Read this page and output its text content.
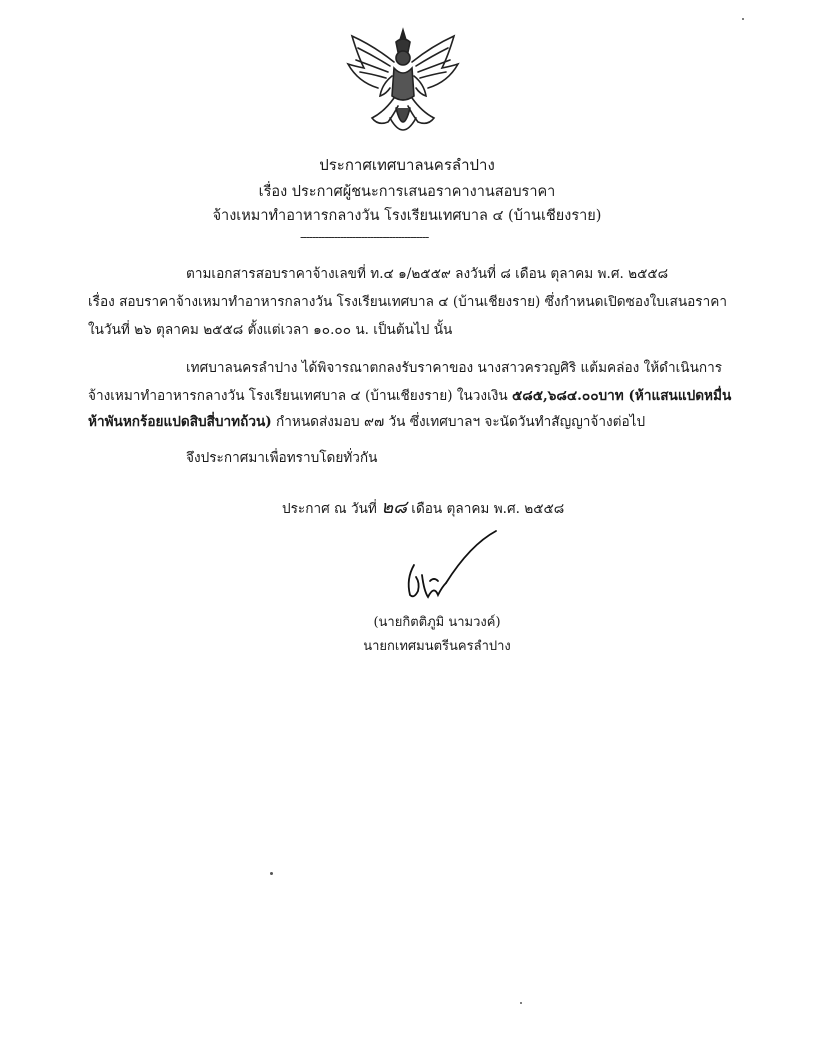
ประกาศเทศบาลนครลำปาง
เรื่อง ประกาศผู้ชนะการเสนอราคางานสอบราคา
จ้างเหมาทำอาหารกลางวัน โรงเรียนเทศบาล ๔ (บ้านเชียงราย)
------------------------------------------
ตามเอกสารสอบราคาจ้างเลขที่ ท.๔ ๑/๒๕๕๙ ลงวันที่ ๘ เดือน ตุลาคม พ.ศ. ๒๕๕๘
เรื่อง สอบราคาจ้างเหมาทำอาหารกลางวัน โรงเรียนเทศบาล ๔ (บ้านเชียงราย) ซึ่งกำหนดเปิดซองใบเสนอราคา
ในวันที่ ๒๖ ตุลาคม ๒๕๕๘ ตั้งแต่เวลา ๑๐.๐๐ น. เป็นต้นไป นั้น
เทศบาลนครลำปาง ได้พิจารณาตกลงรับราคาของ นางสาวครวญศิริ แต้มคล่อง ให้ดำเนินการ
จ้างเหมาทำอาหารกลางวัน โรงเรียนเทศบาล ๔ (บ้านเชียงราย) ในวงเงิน ๕๘๕,๖๘๔.๐๐บาท (ห้าแสนแปดหมื่น
ห้าพันหกร้อยแปดสิบสี่บาทถ้วน) กำหนดส่งมอบ ๙๗ วัน ซึ่งเทศบาลฯ จะนัดวันทำสัญญาจ้างต่อไป
จึงประกาศมาเพื่อทราบโดยทั่วกัน
ประกาศ ณ วันที่ ๒๘ เดือน ตุลาคม พ.ศ. ๒๕๕๘
(นายกิตติภูมิ นามวงค์)
นายกเทศมนตรีนครลำปาง
